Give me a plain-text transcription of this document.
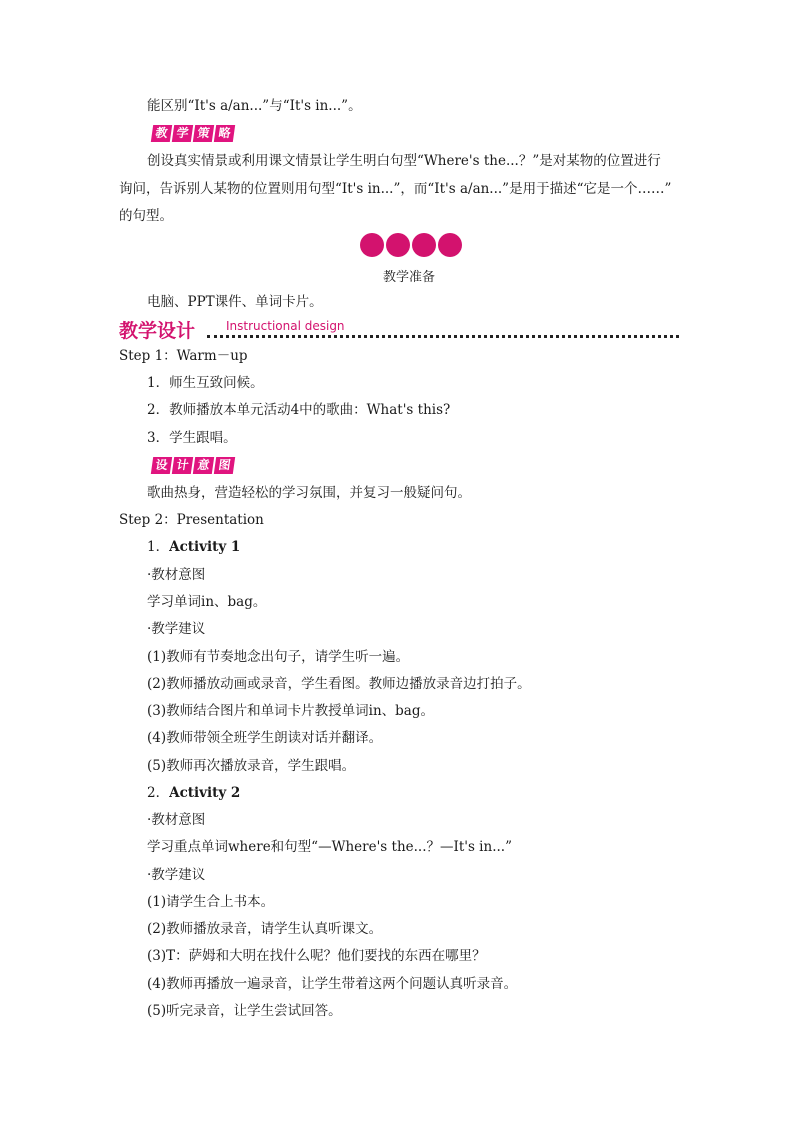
能区别“It's a/an...”与“It's in...”。
教 学 策 略
创设真实情景或利用课文情景让学生明白句型“Where's the...？”是对某物的位置进行
询问，告诉别人某物的位置则用句型“It's in...”，而“It's a/an...”是用于描述“它是一个……”
的句型。
教学准备
电脑、PPT课件、单词卡片。
教学设计	Instructional design
Step 1：Warm－up
1．师生互致问候。
2．教师播放本单元活动4中的歌曲：What's this?
3．学生跟唱。
设 计 意 图
歌曲热身，营造轻松的学习氛围，并复习一般疑问句。
Step 2：Presentation
1．Activity 1
·教材意图
学习单词in、bag。
·教学建议
(1)教师有节奏地念出句子，请学生听一遍。
(2)教师播放动画或录音，学生看图。教师边播放录音边打拍子。
(3)教师结合图片和单词卡片教授单词in、bag。
(4)教师带领全班学生朗读对话并翻译。
(5)教师再次播放录音，学生跟唱。
2．Activity 2
·教材意图
学习重点单词where和句型“—Where's the...？—It's in...”
·教学建议
(1)请学生合上书本。
(2)教师播放录音，请学生认真听课文。
(3)T：萨姆和大明在找什么呢？他们要找的东西在哪里？
(4)教师再播放一遍录音，让学生带着这两个问题认真听录音。
(5)听完录音，让学生尝试回答。
